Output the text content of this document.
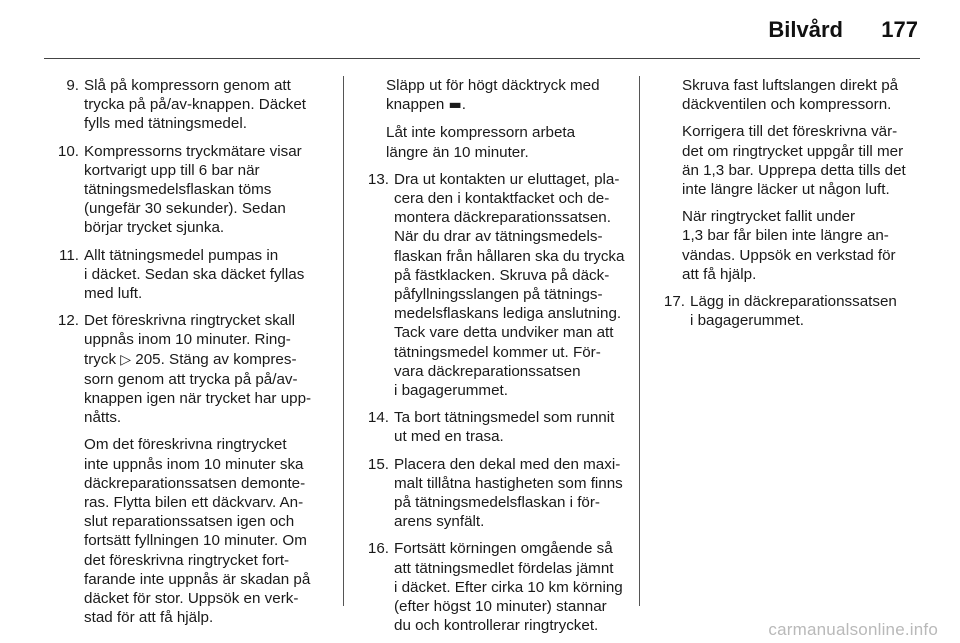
Bilvård 177
9. Slå på kompressorn genom att
trycka på på/av-knappen. Däcket
fylls med tätningsmedel.
10. Kompressorns tryckmätare visar
kortvarigt upp till 6 bar när
tätningsmedelsflaskan töms
(ungefär 30 sekunder). Sedan
börjar trycket sjunka.
11. Allt tätningsmedel pumpas in
i däcket. Sedan ska däcket fyllas
med luft.
12. Det föreskrivna ringtrycket skall
uppnås inom 10 minuter. Ring-
tryck ▷ 205. Stäng av kompres-
sorn genom att trycka på på/av-
knappen igen när trycket har upp-
nåtts.
Om det föreskrivna ringtrycket
inte uppnås inom 10 minuter ska
däckreparationssatsen demonte-
ras. Flytta bilen ett däckvarv. An-
slut reparationssatsen igen och
fortsätt fyllningen 10 minuter. Om
det föreskrivna ringtrycket fort-
farande inte uppnås är skadan på
däcket för stor. Uppsök en verk-
stad för att få hjälp.
Släpp ut för högt däcktryck med
knappen ▬.
Låt inte kompressorn arbeta
längre än 10 minuter.
13. Dra ut kontakten ur eluttaget, pla-
cera den i kontaktfacket och de-
montera däckreparationssatsen.
När du drar av tätningsmedels-
flaskan från hållaren ska du trycka
på fästklacken. Skruva på däck-
påfyllningsslangen på tätnings-
medelsflaskans lediga anslutning.
Tack vare detta undviker man att
tätningsmedel kommer ut. För-
vara däckreparationssatsen
i bagagerummet.
14. Ta bort tätningsmedel som runnit
ut med en trasa.
15. Placera den dekal med den maxi-
malt tillåtna hastigheten som finns
på tätningsmedelsflaskan i för-
arens synfält.
16. Fortsätt körningen omgående så
att tätningsmedlet fördelas jämnt
i däcket. Efter cirka 10 km körning
(efter högst 10 minuter) stannar
du och kontrollerar ringtrycket.
Skruva fast luftslangen direkt på
däckventilen och kompressorn.
Korrigera till det föreskrivna vär-
det om ringtrycket uppgår till mer
än 1,3 bar. Upprepa detta tills det
inte längre läcker ut någon luft.
När ringtrycket fallit under
1,3 bar får bilen inte längre an-
vändas. Uppsök en verkstad för
att få hjälp.
17. Lägg in däckreparationssatsen
i bagagerummet.
carmanualsonline.info
